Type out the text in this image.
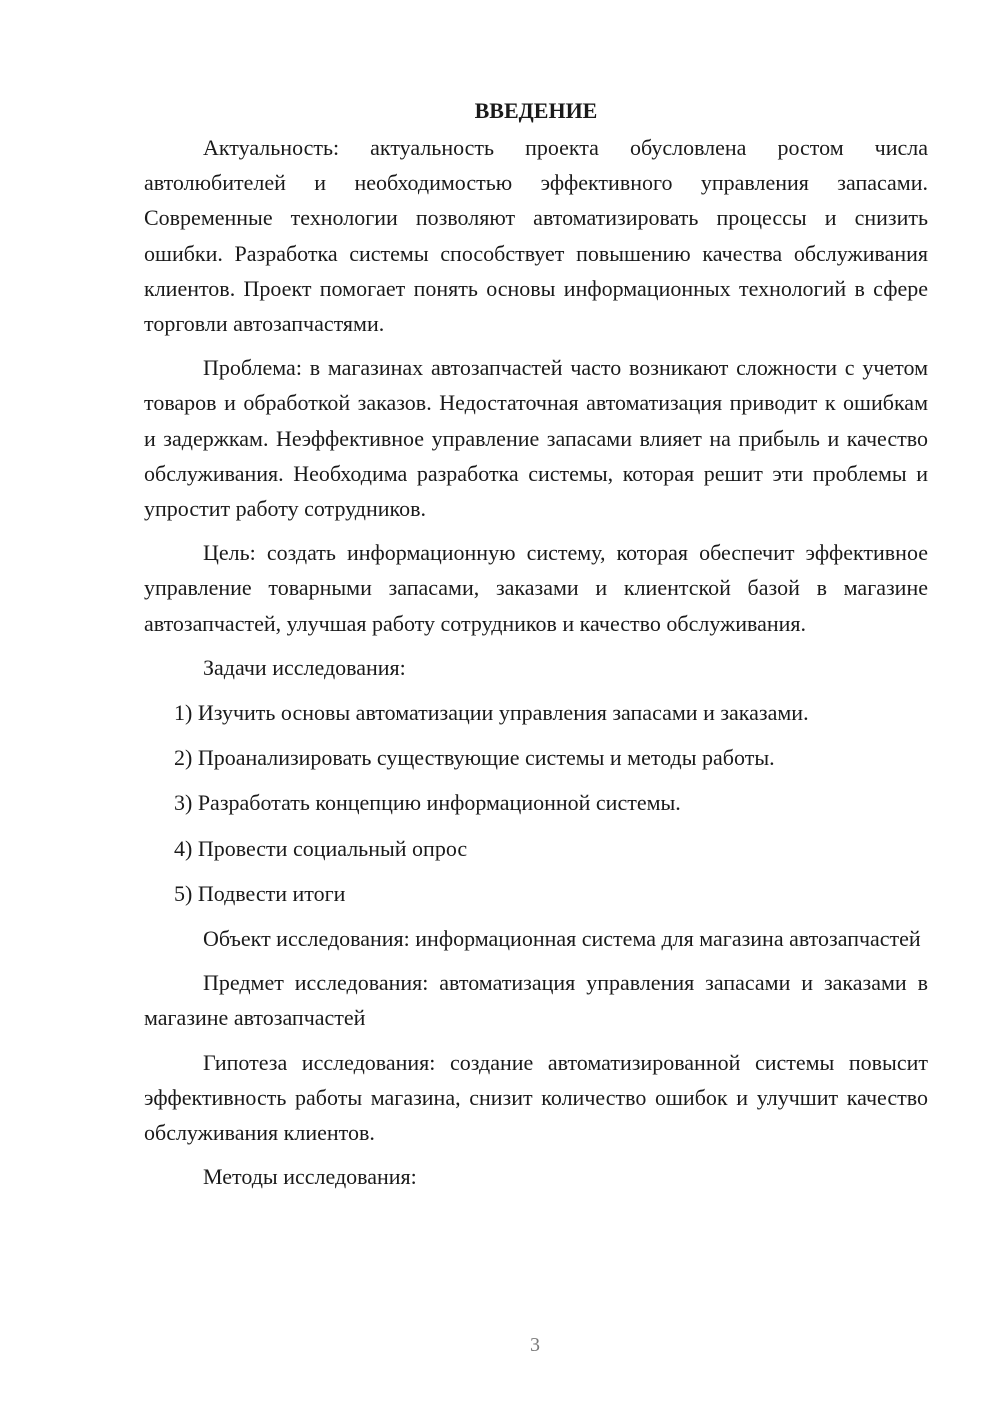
ВВЕДЕНИЕ

Актуальность: актуальность проекта обусловлена ростом числа автолюбителей и необходимостью эффективного управления запасами. Современные технологии позволяют автоматизировать процессы и снизить ошибки. Разработка системы способствует повышению качества обслуживания клиентов. Проект помогает понять основы информационных технологий в сфере торговли автозапчастями.

Проблема: в магазинах автозапчастей часто возникают сложности с учетом товаров и обработкой заказов. Недостаточная автоматизация приводит к ошибкам и задержкам. Неэффективное управление запасами влияет на прибыль и качество обслуживания. Необходима разработка системы, которая решит эти проблемы и упростит работу сотрудников.

Цель: создать информационную систему, которая обеспечит эффективное управление товарными запасами, заказами и клиентской базой в магазине автозапчастей, улучшая работу сотрудников и качество обслуживания.

Задачи исследования:
1) Изучить основы автоматизации управления запасами и заказами.
2) Проанализировать существующие системы и методы работы.
3) Разработать концепцию информационной системы.
4) Провести социальный опрос
5) Подвести итоги

Объект исследования: информационная система для магазина автозапчастей

Предмет исследования: автоматизация управления запасами и заказами в магазине автозапчастей

Гипотеза исследования: создание автоматизированной системы повысит эффективность работы магазина, снизит количество ошибок и улучшит качество обслуживания клиентов.

Методы исследования:

3
